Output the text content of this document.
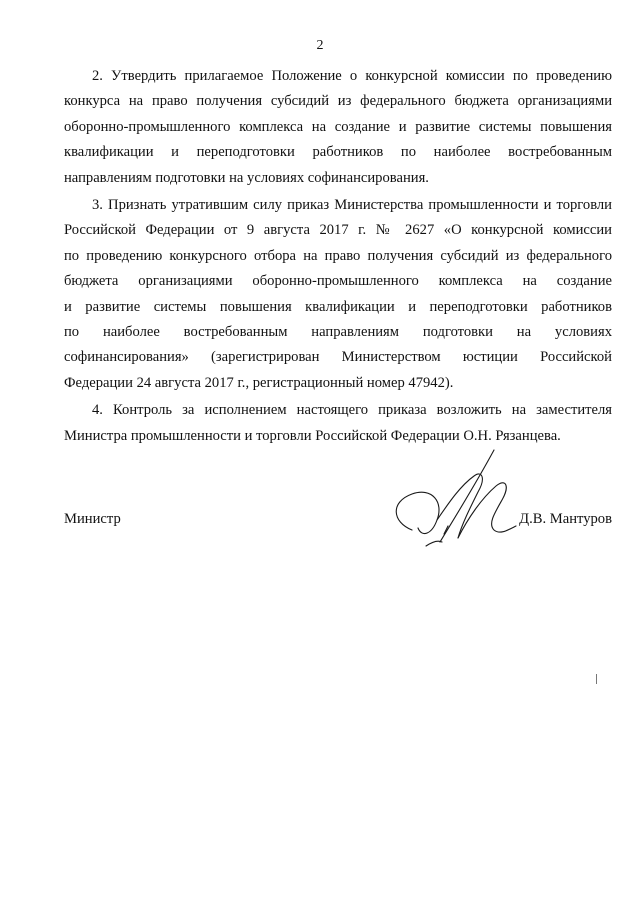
2

2. Утвердить прилагаемое Положение о конкурсной комиссии по проведению
конкурса на право получения субсидий из федерального бюджета организациями
оборонно-промышленного комплекса на создание и развитие системы повышения
квалификации и переподготовки работников по наиболее востребованным
направлениям подготовки на условиях софинансирования.

3. Признать утратившим силу приказ Министерства промышленности и торговли
Российской Федерации от 9 августа 2017 г. № 2627 «О конкурсной комиссии
по проведению конкурсного отбора на право получения субсидий из федерального
бюджета организациями оборонно-промышленного комплекса на создание
и развитие системы повышения квалификации и переподготовки работников
по наиболее востребованным направлениям подготовки на условиях
софинансирования» (зарегистрирован Министерством юстиции Российской
Федерации 24 августа 2017 г., регистрационный номер 47942).

4. Контроль за исполнением настоящего приказа возложить на заместителя
Министра промышленности и торговли Российской Федерации О.Н. Рязанцева.

Министр	Д.В. Мантуров
